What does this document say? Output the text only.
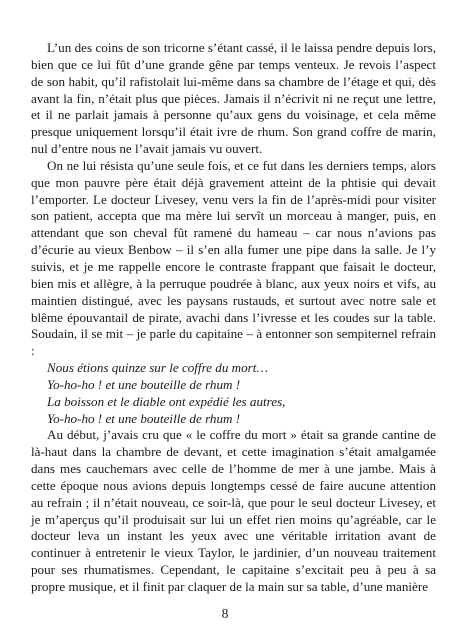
L’un des coins de son tricorne s’étant cassé, il le laissa pendre depuis lors, bien que ce lui fût d’une grande gêne par temps venteux. Je revois l’aspect de son habit, qu’il rafistolait lui-même dans sa chambre de l’étage et qui, dès avant la fin, n’était plus que pièces. Jamais il n’écrivit ni ne reçut une lettre, et il ne parlait jamais à personne qu’aux gens du voisinage, et cela même presque uniquement lorsqu’il était ivre de rhum. Son grand coffre de marin, nul d’entre nous ne l’avait jamais vu ouvert.

On ne lui résista qu’une seule fois, et ce fut dans les derniers temps, alors que mon pauvre père était déjà gravement atteint de la phtisie qui devait l’emporter. Le docteur Livesey, venu vers la fin de l’après-midi pour visiter son patient, accepta que ma mère lui servît un morceau à manger, puis, en attendant que son cheval fût ramené du hameau – car nous n’avions pas d’écurie au vieux Benbow – il s’en alla fumer une pipe dans la salle. Je l’y suivis, et je me rappelle encore le contraste frappant que faisait le docteur, bien mis et allègre, à la perruque poudrée à blanc, aux yeux noirs et vifs, au maintien distingué, avec les paysans rustauds, et surtout avec notre sale et blême épouvantail de pirate, avachi dans l’ivresse et les coudes sur la table. Soudain, il se mit – je parle du capitaine – à entonner son sempiternel refrain :

Nous étions quinze sur le coffre du mort…

Yo-ho-ho ! et une bouteille de rhum !

La boisson et le diable ont expédié les autres,

Yo-ho-ho ! et une bouteille de rhum !

Au début, j’avais cru que « le coffre du mort » était sa grande cantine de là-haut dans la chambre de devant, et cette imagination s’était amalgamée dans mes cauchemars avec celle de l’homme de mer à une jambe. Mais à cette époque nous avions depuis longtemps cessé de faire aucune attention au refrain ; il n’était nouveau, ce soir-là, que pour le seul docteur Livesey, et je m’aperçus qu’il produisait sur lui un effet rien moins qu’agréable, car le docteur leva un instant les yeux avec une véritable irritation avant de continuer à entretenir le vieux Taylor, le jardinier, d’un nouveau traitement pour ses rhumatismes. Cependant, le capitaine s’excitait peu à peu à sa propre musique, et il finit par claquer de la main sur sa table, d’une manière

8
